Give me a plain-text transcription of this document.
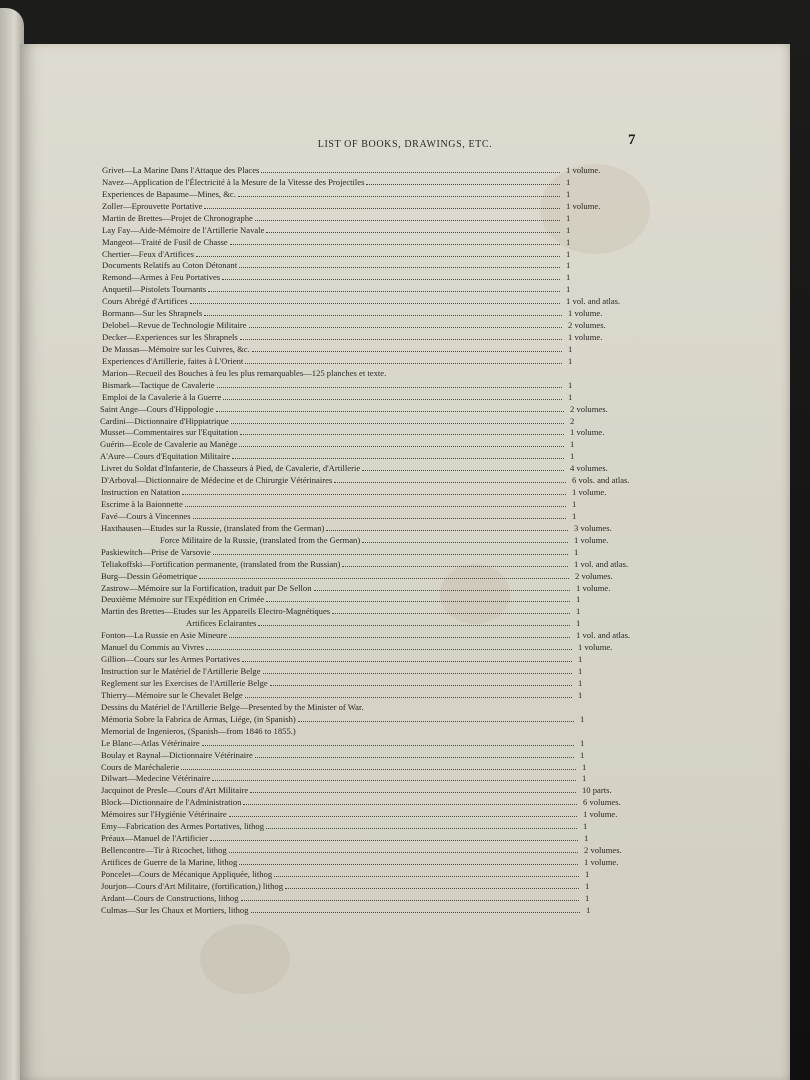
LIST OF BOOKS, DRAWINGS, ETC.	7
Grivet—La Marine Dans l'Attaque des Places	1 volume.
Navez—Application de l'Électricité à la Mesure de la Vitesse des Projectiles	1
Experiences de Bapaume—Mines, &c.	1
Zoller—Eprouvette Portative	1 volume.
Martin de Brettes—Projet de Chronographe	1
Lay Fay—Aide-Mémoire de l'Artillerie Navale	1
Mangeot—Traité de Fusil de Chasse	1
Chertier—Feux d'Artifices	1
Documents Relatifs au Coton Détonant	1
Remond—Armes à Feu Portatives	1
Anquetil—Pistolets Tournants	1
Cours Abrégé d'Artifices	1 vol. and atlas.
Bormann—Sur les Shrapnels	1 volume.
Delobel—Revue de Technologie Militaire	2 volumes.
Decker—Experiences sur les Shrapnels	1 volume.
De Massas—Mémoire sur les Cuivres, &c.	1
Experiences d'Artillerie, faites à L'Orient	1
Marion—Recueil des Bouches à feu les plus remarquables—125 planches et texte.
Bismark—Tactique de Cavalerie	1
Emploi de la Cavalerie à la Guerre	1
Saint Ange—Cours d'Hippologie	2 volumes.
Cardini—Dictionnaire d'Hippiatrique	2
Musset—Commentaires sur l'Equitation	1 volume.
Guérin—Ecole de Cavalerie au Manège	1
A'Aure—Cours d'Equitation Militaire	1
Livret du Soldat d'Infanterie, de Chasseurs à Pied, de Cavalerie, d'Artillerie	4 volumes.
D'Arboval—Dictionnaire de Médecine et de Chirurgie Vétérinaires	6 vols. and atlas.
Instruction en Natation	1 volume.
Escrime à la Baionnette	1
Favé—Cours à Vincennes	1
Haxthausen—Etudes sur la Russie, (translated from the German)	3 volumes.
Force Militaire de la Russie, (translated from the German)	1 volume.
Paskiewitch—Prise de Varsovie	1
Teliakoffski—Fortification permanente, (translated from the Russian)	1 vol. and atlas.
Burg—Dessin Géometrique	2 volumes.
Zastrow—Mémoire sur la Fortification, traduit par De Sellon	1 volume.
Deuxième Mémoire sur l'Expédition en Crimée	1
Martin des Brettes—Etudes sur les Appareils Electro-Magnétiques	1
Artifices Eclairantes	1
Fonton—La Russie en Asie Mineure	1 vol. and atlas.
Manuel du Commis au Vivres	1 volume.
Gillion—Cours sur les Armes Portatives	1
Instruction sur le Matériel de l'Artillerie Belge	1
Reglement sur les Exercises de l'Artillerie Belge	1
Thierry—Mémoire sur le Chevalet Belge	1
Dessins du Matériel de l'Artillerie Belge—Presented by the Minister of War.
Mémoria Sobre la Fabrica de Armas, Liége, (in Spanish)	1
Memorial de Ingenieros, (Spanish—from 1846 to 1855.)
Le Blanc—Atlas Vétérinaire	1
Boulay et Raynal—Dictionnaire Vétérinaire	1
Cours de Maréchalerie	1
Dilwart—Medecine Vétérinaire	1
Jacquinot de Presle—Cours d'Art Militaire	10 parts.
Block—Dictionnaire de l'Administration	6 volumes.
Mémoires sur l'Hygiénie Vétérinaire	1 volume.
Emy—Fabrication des Armes Portatives, lithog	1
Préaux—Manuel de l'Artificier	1
Bellencontre—Tir à Ricochet, lithog	2 volumes.
Artifices de Guerre de la Marine, lithog	1 volume.
Poncelet—Cours de Mécanique Appliquée, lithog	1
Jourjon—Cours d'Art Militaire, (fortification,) lithog	1
Ardant—Cours de Constructions, lithog	1
Culmas—Sur les Chaux et Mortiers, lithog	1
